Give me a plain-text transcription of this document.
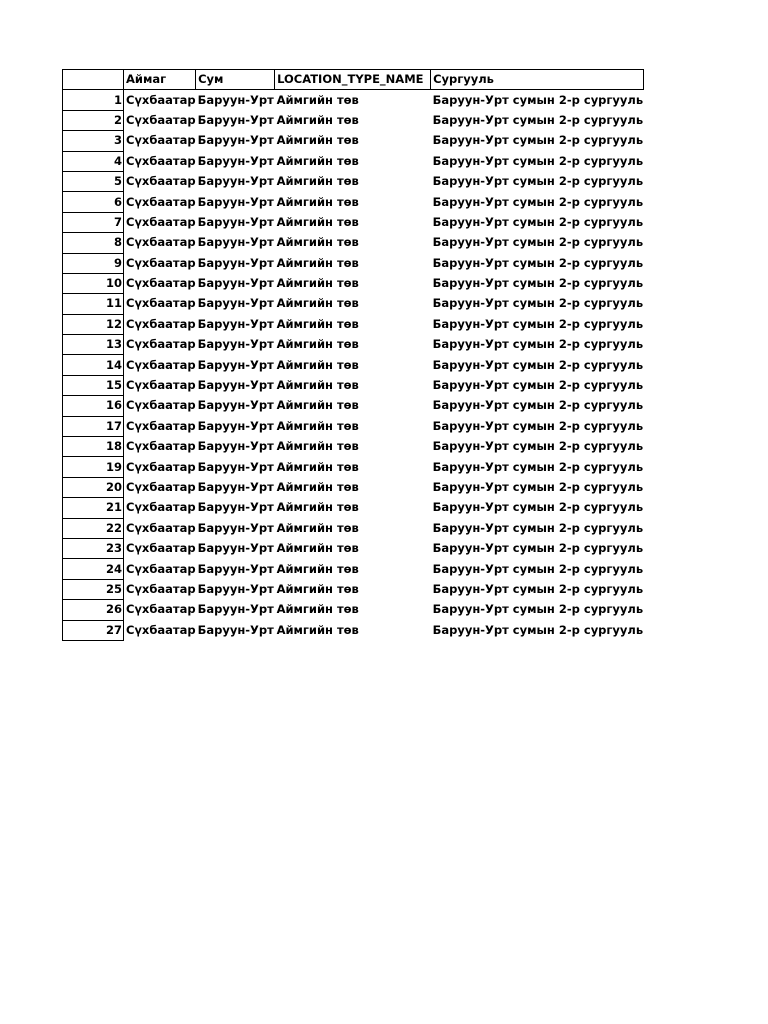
	Аймаг	Сум	LOCATION_TYPE_NAME	Сургууль
1	Сүхбаатар	Баруун-Урт	Аймгийн төв	Баруун-Урт сумын 2-р сургууль
2	Сүхбаатар	Баруун-Урт	Аймгийн төв	Баруун-Урт сумын 2-р сургууль
3	Сүхбаатар	Баруун-Урт	Аймгийн төв	Баруун-Урт сумын 2-р сургууль
4	Сүхбаатар	Баруун-Урт	Аймгийн төв	Баруун-Урт сумын 2-р сургууль
5	Сүхбаатар	Баруун-Урт	Аймгийн төв	Баруун-Урт сумын 2-р сургууль
6	Сүхбаатар	Баруун-Урт	Аймгийн төв	Баруун-Урт сумын 2-р сургууль
7	Сүхбаатар	Баруун-Урт	Аймгийн төв	Баруун-Урт сумын 2-р сургууль
8	Сүхбаатар	Баруун-Урт	Аймгийн төв	Баруун-Урт сумын 2-р сургууль
9	Сүхбаатар	Баруун-Урт	Аймгийн төв	Баруун-Урт сумын 2-р сургууль
10	Сүхбаатар	Баруун-Урт	Аймгийн төв	Баруун-Урт сумын 2-р сургууль
11	Сүхбаатар	Баруун-Урт	Аймгийн төв	Баруун-Урт сумын 2-р сургууль
12	Сүхбаатар	Баруун-Урт	Аймгийн төв	Баруун-Урт сумын 2-р сургууль
13	Сүхбаатар	Баруун-Урт	Аймгийн төв	Баруун-Урт сумын 2-р сургууль
14	Сүхбаатар	Баруун-Урт	Аймгийн төв	Баруун-Урт сумын 2-р сургууль
15	Сүхбаатар	Баруун-Урт	Аймгийн төв	Баруун-Урт сумын 2-р сургууль
16	Сүхбаатар	Баруун-Урт	Аймгийн төв	Баруун-Урт сумын 2-р сургууль
17	Сүхбаатар	Баруун-Урт	Аймгийн төв	Баруун-Урт сумын 2-р сургууль
18	Сүхбаатар	Баруун-Урт	Аймгийн төв	Баруун-Урт сумын 2-р сургууль
19	Сүхбаатар	Баруун-Урт	Аймгийн төв	Баруун-Урт сумын 2-р сургууль
20	Сүхбаатар	Баруун-Урт	Аймгийн төв	Баруун-Урт сумын 2-р сургууль
21	Сүхбаатар	Баруун-Урт	Аймгийн төв	Баруун-Урт сумын 2-р сургууль
22	Сүхбаатар	Баруун-Урт	Аймгийн төв	Баруун-Урт сумын 2-р сургууль
23	Сүхбаатар	Баруун-Урт	Аймгийн төв	Баруун-Урт сумын 2-р сургууль
24	Сүхбаатар	Баруун-Урт	Аймгийн төв	Баруун-Урт сумын 2-р сургууль
25	Сүхбаатар	Баруун-Урт	Аймгийн төв	Баруун-Урт сумын 2-р сургууль
26	Сүхбаатар	Баруун-Урт	Аймгийн төв	Баруун-Урт сумын 2-р сургууль
27	Сүхбаатар	Баруун-Урт	Аймгийн төв	Баруун-Урт сумын 2-р сургууль
